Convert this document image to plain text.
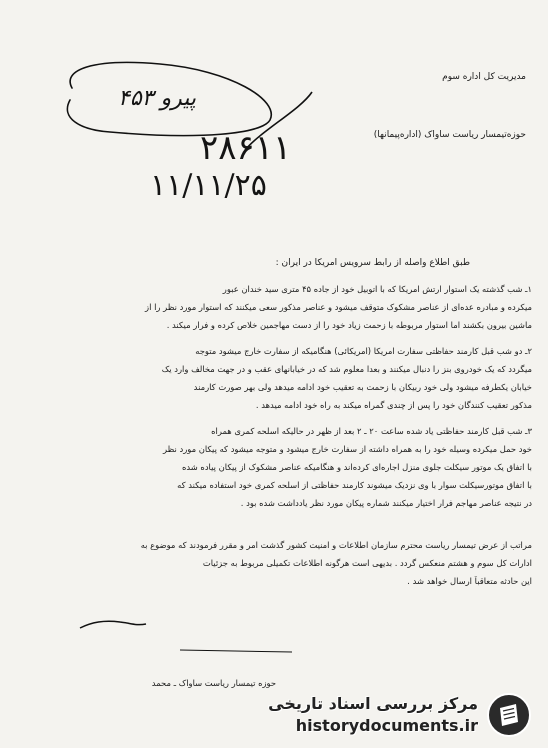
مدیریت کل اداره سوم
حوزه‌تیمسار ریاست ساواک (اداره‌پیمانها)
پیرو ۴۵۳
۲۸۶۱۱
۱۱/۱۱/۲۵
طبق اطلاع واصله از رابط سرویس امریکا در ایران :
۱ـ شب گذشته یک استوار ارتش امریکا که با اتوبیل خود از جاده ۴۵ متری سید خندان عبور
میکرده و مبادره عده‌ای از عناصر مشکوک متوقف میشود و عناصر مذکور سعی میکنند که استوار مورد نظر را از
ماشین بیرون بکشند اما استوار مربوطه با زحمت زیاد خود را از دست مهاجمین خلاص کرده و فرار میکند .
۲ـ دو شب قبل کارمند حفاظتی سفارت امریکا (امریکائی) هنگامیکه از سفارت خارج میشود متوجه
میگردد که یک خودروی بنز را دنبال میکنند و بعدا معلوم شد که در خیابانهای عقب و در جهت مخالف وارد یک
خیابان یکطرفه میشود ولی خود ربیکان با زحمت به تعقیب خود ادامه میدهد ولی بهر صورت کارمند
مذکور تعقیب کنندگان خود را پس از چندی گمراه میکند به راه خود ادامه میدهد .
۳ـ شب قبل کارمند حفاظتی یاد شده ساعت ۲۰ ـ ۲ بعد از ظهر در حالیکه اسلحه کمری همراه
خود حمل میکرده وسیله خود را به همراه داشته از سفارت خارج میشود و متوجه میشود که پیکان مورد نظر
با اتفاق یک موتور سیکلت جلوی منزل اجاره‌ای کرده‌اند و هنگامیکه عناصر مشکوک از پیکان پیاده شده
با اتفاق موتورسیکلت سوار با وی نزدیک میشوند کارمند حفاظتی از اسلحه کمری خود استفاده میکند که
در نتیجه عناصر مهاجم فرار اختیار میکنند شماره پیکان مورد نظر یادداشت شده بود .
مراتب از عرض تیمسار ریاست محترم سازمان اطلاعات و امنیت کشور گذشت امر و مقرر فرمودند که موضوع به
ادارات کل سوم و هشتم منعکس گردد . بدیهی است هرگونه اطلاعات تکمیلی مربوط به جزئیات
این حادثه متعاقباً ارسال خواهد شد .
حوزه تیمسار ریاست ساواک ـ محمد
مرکز بررسی اسناد تاریخی
historydocuments.ir
